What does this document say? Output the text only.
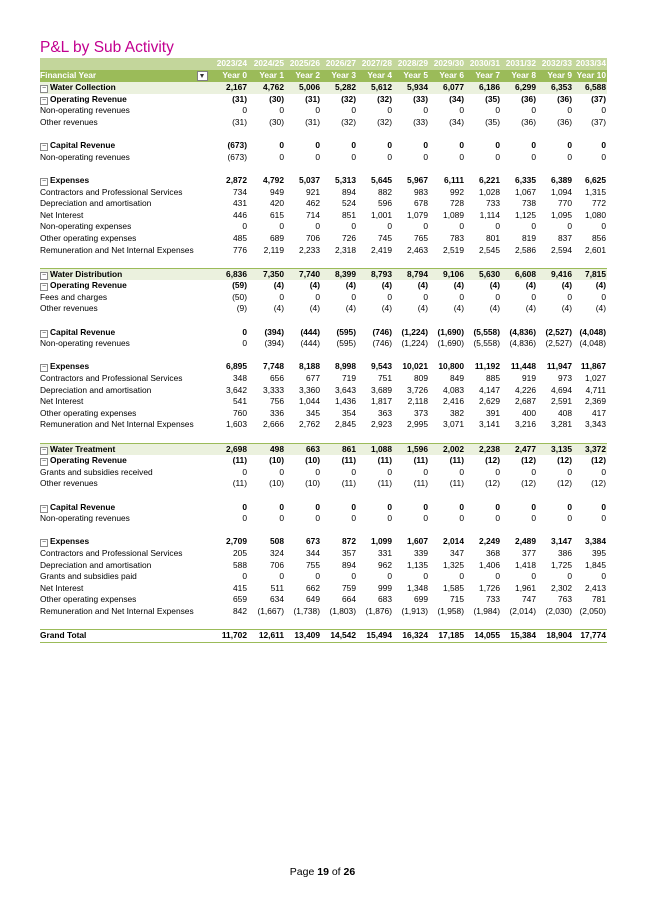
P&L by Sub Activity
	2023/24	2024/25	2025/26	2026/27	2027/28	2028/29	2029/30	2030/31	2031/32	2032/33	2033/34
Financial Year	Year 0	Year 1	Year 2	Year 3	Year 4	Year 5	Year 6	Year 7	Year 8	Year 9	Year 10
− Water Collection	2,167	4,762	5,006	5,282	5,612	5,934	6,077	6,186	6,299	6,353	6,588
− Operating Revenue	(31)	(30)	(31)	(32)	(32)	(33)	(34)	(35)	(36)	(36)	(37)
Non-operating revenues	0	0	0	0	0	0	0	0	0	0	0
Other revenues	(31)	(30)	(31)	(32)	(32)	(33)	(34)	(35)	(36)	(36)	(37)

− Capital Revenue	(673)	0	0	0	0	0	0	0	0	0	0
Non-operating revenues	(673)	0	0	0	0	0	0	0	0	0	0

− Expenses	2,872	4,792	5,037	5,313	5,645	5,967	6,111	6,221	6,335	6,389	6,625
Contractors and Professional Services	734	949	921	894	882	983	992	1,028	1,067	1,094	1,315
Depreciation and amortisation	431	420	462	524	596	678	728	733	738	770	772
Net Interest	446	615	714	851	1,001	1,079	1,089	1,114	1,125	1,095	1,080
Non-operating expenses	0	0	0	0	0	0	0	0	0	0	0
Other operating expenses	485	689	706	726	745	765	783	801	819	837	856
Remuneration and Net Internal Expenses	776	2,119	2,233	2,318	2,419	2,463	2,519	2,545	2,586	2,594	2,601

− Water Distribution	6,836	7,350	7,740	8,399	8,793	8,794	9,106	5,630	6,608	9,416	7,815
− Operating Revenue	(59)	(4)	(4)	(4)	(4)	(4)	(4)	(4)	(4)	(4)	(4)
Fees and charges	(50)	0	0	0	0	0	0	0	0	0	0
Other revenues	(9)	(4)	(4)	(4)	(4)	(4)	(4)	(4)	(4)	(4)	(4)

− Capital Revenue	0	(394)	(444)	(595)	(746)	(1,224)	(1,690)	(5,558)	(4,836)	(2,527)	(4,048)
Non-operating revenues	0	(394)	(444)	(595)	(746)	(1,224)	(1,690)	(5,558)	(4,836)	(2,527)	(4,048)

− Expenses	6,895	7,748	8,188	8,998	9,543	10,021	10,800	11,192	11,448	11,947	11,867
Contractors and Professional Services	348	656	677	719	751	809	849	885	919	973	1,027
Depreciation and amortisation	3,642	3,333	3,360	3,643	3,689	3,726	4,083	4,147	4,226	4,694	4,711
Net Interest	541	756	1,044	1,436	1,817	2,118	2,416	2,629	2,687	2,591	2,369
Other operating expenses	760	336	345	354	363	373	382	391	400	408	417
Remuneration and Net Internal Expenses	1,603	2,666	2,762	2,845	2,923	2,995	3,071	3,141	3,216	3,281	3,343

− Water Treatment	2,698	498	663	861	1,088	1,596	2,002	2,238	2,477	3,135	3,372
− Operating Revenue	(11)	(10)	(10)	(11)	(11)	(11)	(11)	(12)	(12)	(12)	(12)
Grants and subsidies received	0	0	0	0	0	0	0	0	0	0	0
Other revenues	(11)	(10)	(10)	(11)	(11)	(11)	(11)	(12)	(12)	(12)	(12)

− Capital Revenue	0	0	0	0	0	0	0	0	0	0	0
Non-operating revenues	0	0	0	0	0	0	0	0	0	0	0

− Expenses	2,709	508	673	872	1,099	1,607	2,014	2,249	2,489	3,147	3,384
Contractors and Professional Services	205	324	344	357	331	339	347	368	377	386	395
Depreciation and amortisation	588	706	755	894	962	1,135	1,325	1,406	1,418	1,725	1,845
Grants and subsidies paid	0	0	0	0	0	0	0	0	0	0	0
Net Interest	415	511	662	759	999	1,348	1,585	1,726	1,961	2,302	2,413
Other operating expenses	659	634	649	664	683	699	715	733	747	763	781
Remuneration and Net Internal Expenses	842	(1,667)	(1,738)	(1,803)	(1,876)	(1,913)	(1,958)	(1,984)	(2,014)	(2,030)	(2,050)

Grand Total	11,702	12,611	13,409	14,542	15,494	16,324	17,185	14,055	15,384	18,904	17,774
Page 19 of 26
